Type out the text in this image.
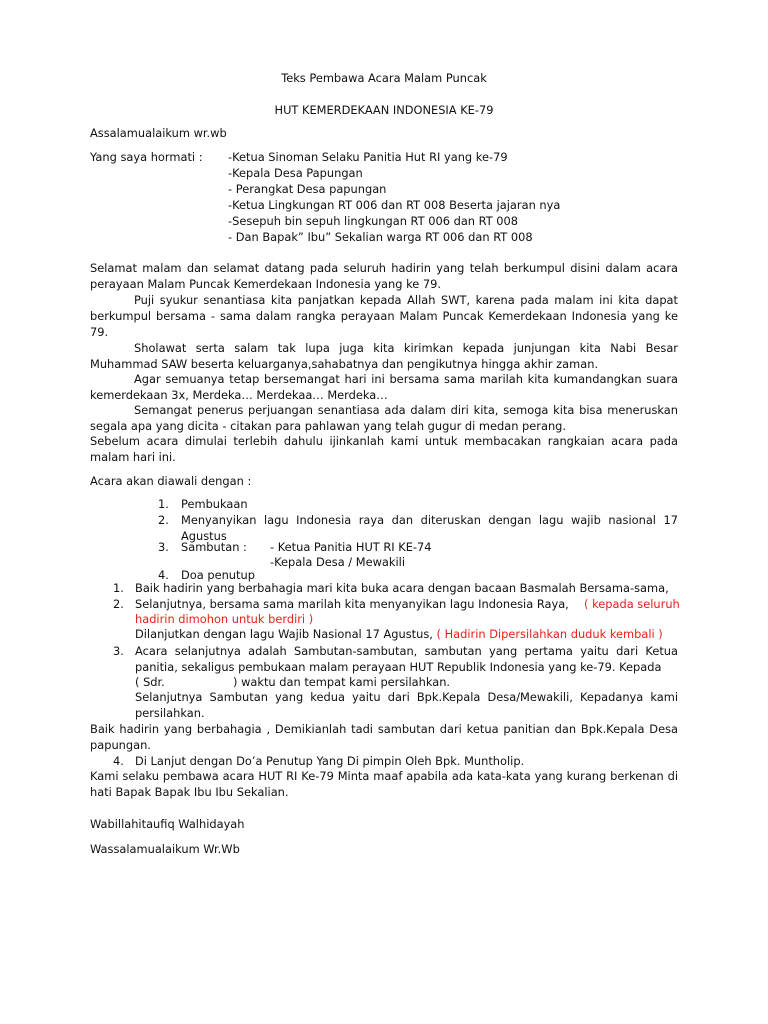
Teks Pembawa Acara Malam Puncak
HUT KEMERDEKAAN INDONESIA KE-79
Assalamualaikum wr.wb
Yang saya hormati : -Ketua Sinoman Selaku Panitia Hut RI yang ke-79
-Kepala Desa Papungan
- Perangkat Desa papungan
-Ketua Lingkungan RT 006 dan RT 008 Beserta jajaran nya
-Sesepuh bin sepuh lingkungan RT 006 dan RT 008
- Dan Bapak” Ibu” Sekalian warga RT 006 dan RT 008
Selamat malam dan selamat datang pada seluruh hadirin yang telah berkumpul disini dalam acara perayaan Malam Puncak Kemerdekaan Indonesia yang ke 79.
Puji syukur senantiasa kita panjatkan kepada Allah SWT, karena pada malam ini kita dapat berkumpul bersama - sama dalam rangka perayaan Malam Puncak Kemerdekaan Indonesia yang ke 79.
Sholawat serta salam tak lupa juga kita kirimkan kepada junjungan kita Nabi Besar Muhammad SAW beserta keluarganya,sahabatnya dan pengikutnya hingga akhir zaman.
Agar semuanya tetap bersemangat hari ini bersama sama marilah kita kumandangkan suara kemerdekaan 3x, Merdeka… Merdekaa… Merdeka…
Semangat penerus perjuangan senantiasa ada dalam diri kita, semoga kita bisa meneruskan segala apa yang dicita - citakan para pahlawan yang telah gugur di medan perang.
Sebelum acara dimulai terlebih dahulu ijinkanlah kami untuk membacakan rangkaian acara pada malam hari ini.
Acara akan diawali dengan :
1. Pembukaan
2. Menyanyikan lagu Indonesia raya dan diteruskan dengan lagu wajib nasional 17 Agustus
3. Sambutan : - Ketua Panitia HUT RI KE-74
-Kepala Desa / Mewakili
4. Doa penutup
1. Baik hadirin yang berbahagia mari kita buka acara dengan bacaan Basmalah Bersama-sama,
2. Selanjutnya, bersama sama marilah kita menyanyikan lagu Indonesia Raya, ( kepada seluruh
hadirin dimohon untuk berdiri )
Dilanjutkan dengan lagu Wajib Nasional 17 Agustus, ( Hadirin Dipersilahkan duduk kembali )
3. Acara selanjutnya adalah Sambutan-sambutan, sambutan yang pertama yaitu dari Ketua panitia, sekaligus pembukaan malam perayaan HUT Republik Indonesia yang ke-79. Kepada
( Sdr.	) waktu dan tempat kami persilahkan.
Selanjutnya Sambutan yang kedua yaitu dari Bpk.Kepala Desa/Mewakili, Kepadanya kami persilahkan.
Baik hadirin yang berbahagia , Demikianlah tadi sambutan dari ketua panitian dan Bpk.Kepala Desa papungan.
4. Di Lanjut dengan Do’a Penutup Yang Di pimpin Oleh Bpk. Muntholip.
Kami selaku pembawa acara HUT RI Ke-79 Minta maaf apabila ada kata-kata yang kurang berkenan di hati Bapak Bapak Ibu Ibu Sekalian.
Wabillahitaufiq Walhidayah
Wassalamualaikum Wr.Wb
